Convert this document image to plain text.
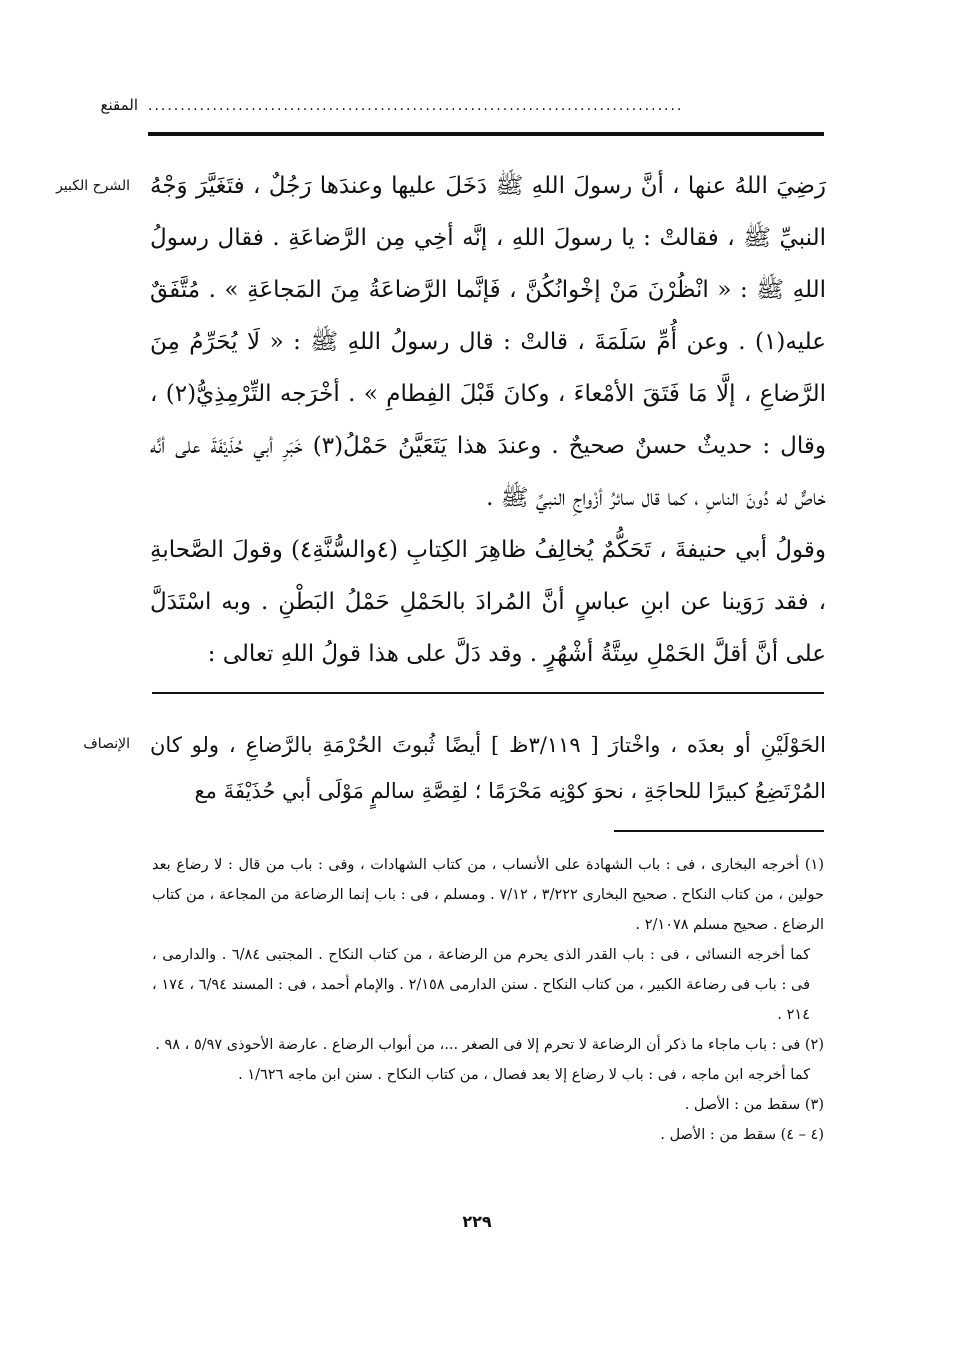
المقنع ...................................................................................
الشرح الكبير رَضِيَ اللهُ عنها ، أنَّ رسولَ اللهِ ﷺ دَخَلَ عليها وعندَها رَجُلٌ ، فتَغَيَّرَ وَجْهُ النبيِّ ﷺ ، فقالتْ : يا رسولَ اللهِ ، إنَّه أخِي مِن الرَّضاعَةِ . فقال رسولُ اللهِ ﷺ : « انْظُرْنَ مَنْ إخْوانُكُنَّ ، فَإنَّما الرَّضاعَةُ مِنَ المَجاعَةِ » . مُتَّفَقٌ عليه(١) . وعن أُمِّ سَلَمَةَ ، قالتْ : قال رسولُ اللهِ ﷺ : « لَا يُحَرِّمُ مِنَ الرَّضاعِ ، إلَّا مَا فَتَقَ الأمْعاءَ ، وكانَ قَبْلَ الفِطامِ » . أخْرَجه التِّرْمِذِيُّ(٢) ، وقال : حديثٌ حسنٌ صحيحٌ . وعندَ هذا يَتَعَيَّنُ حَمْلُ(٣) خَبَرِ أبي حُذَيْفَةَ على أنَّه خاصٌّ له دُونَ الناسِ ، كما قال سائرُ أزْواجِ النبيِّ ﷺ .

وقولُ أبي حنيفةَ ، تَحَكُّمٌ يُخالِفُ ظاهِرَ الكِتابِ (٤والسُّنَّةِ٤) وقولَ الصَّحابةِ ، فقد رَوَينا عن ابنِ عباسٍ أنَّ المُرادَ بالحَمْلِ حَمْلُ البَطْنِ . وبه اسْتَدَلَّ على أنَّ أقلَّ الحَمْلِ سِتَّةُ أشْهُرٍ . وقد دَلَّ على هذا قولُ اللهِ تعالى :

الإنصاف الحَوْلَيْنِ أو بعدَه ، واخْتارَ [ ٣/١١٩ظ ] أيضًا ثُبوتَ الحُرْمَةِ بالرَّضاعِ ، ولو كان المُرْتَضِعُ كبيرًا للحاجَةِ ، نحوَ كوْنِه مَحْرَمًا ؛ لقِصَّةِ سالمٍ مَوْلَى أبي حُذَيْفَةَ مع

(١) أخرجه البخارى ، فى : باب الشهادة على الأنساب ، من كتاب الشهادات ، وفى : باب من قال : لا رضاع بعد حولين ، من كتاب النكاح . صحيح البخارى ٣/٢٢٢ ، ٧/١٢ . ومسلم ، فى : باب إنما الرضاعة من المجاعة ، من كتاب الرضاع . صحيح مسلم ٢/١٠٧٨ .

كما أخرجه النسائى ، فى : باب القدر الذى يحرم من الرضاعة ، من كتاب النكاح . المجتبى ٦/٨٤ . والدارمى ، فى : باب فى رضاعة الكبير ، من كتاب النكاح . سنن الدارمى ٢/١٥٨ . والإمام أحمد ، فى : المسند ٦/٩٤ ، ١٧٤ ، ٢١٤ .

(٢) فى : باب ماجاء ما ذكر أن الرضاعة لا تحرم إلا فى الصغر ...، من أبواب الرضاع . عارضة الأحوذى ٥/٩٧ ، ٩٨ .

كما أخرجه ابن ماجه ، فى : باب لا رضاع إلا بعد فصال ، من كتاب النكاح . سنن ابن ماجه ١/٦٢٦ .

(٣) سقط من : الأصل .

(٤ – ٤) سقط من : الأصل .

٢٢٩
